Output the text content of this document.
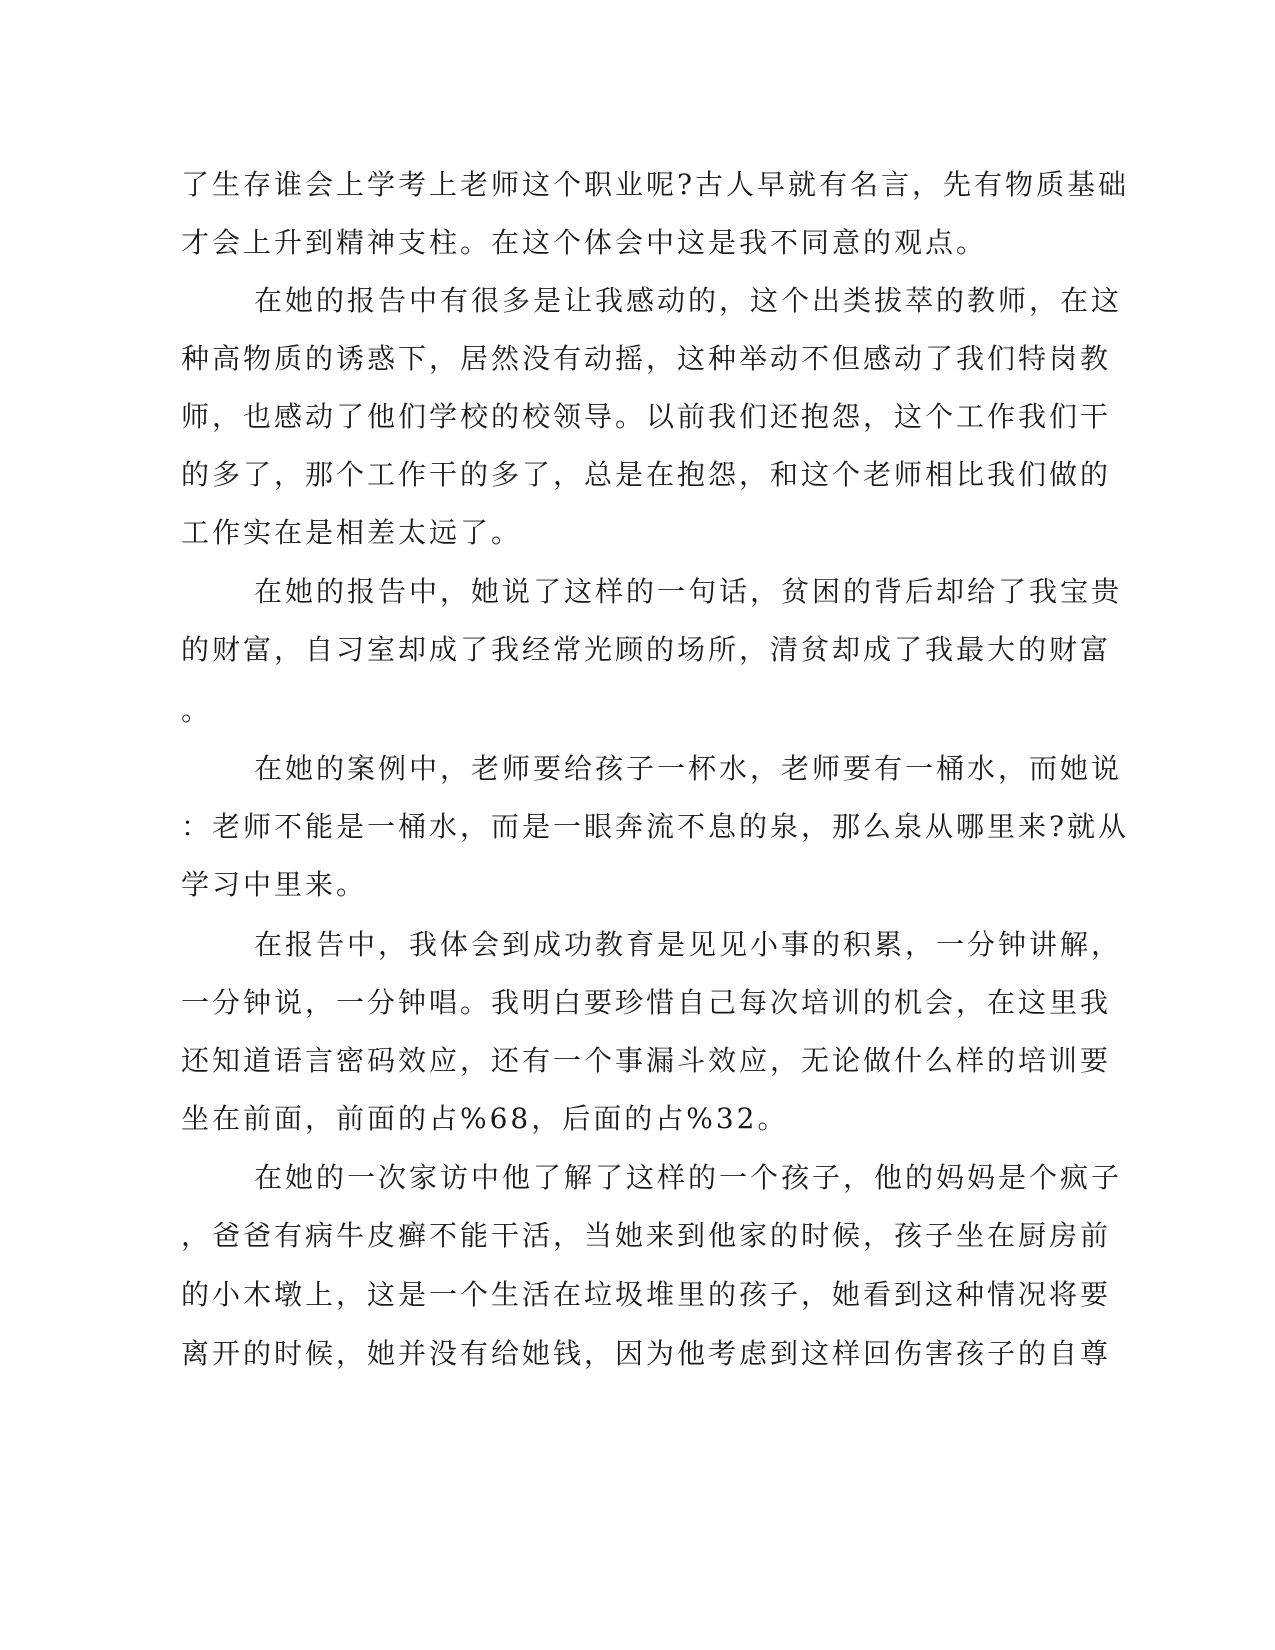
了生存谁会上学考上老师这个职业呢?古人早就有名言，先有物质基础
才会上升到精神支柱。在这个体会中这是我不同意的观点。
在她的报告中有很多是让我感动的，这个出类拔萃的教师，在这
种高物质的诱惑下，居然没有动摇，这种举动不但感动了我们特岗教
师，也感动了他们学校的校领导。以前我们还抱怨，这个工作我们干
的多了，那个工作干的多了，总是在抱怨，和这个老师相比我们做的
工作实在是相差太远了。
在她的报告中，她说了这样的一句话，贫困的背后却给了我宝贵
的财富，自习室却成了我经常光顾的场所，清贫却成了我最大的财富
。
在她的案例中，老师要给孩子一杯水，老师要有一桶水，而她说
：老师不能是一桶水，而是一眼奔流不息的泉，那么泉从哪里来?就从
学习中里来。
在报告中，我体会到成功教育是见见小事的积累，一分钟讲解，
一分钟说，一分钟唱。我明白要珍惜自己每次培训的机会，在这里我
还知道语言密码效应，还有一个事漏斗效应，无论做什么样的培训要
坐在前面，前面的占%68，后面的占%32。
在她的一次家访中他了解了这样的一个孩子，他的妈妈是个疯子
，爸爸有病牛皮癣不能干活，当她来到他家的时候，孩子坐在厨房前
的小木墩上，这是一个生活在垃圾堆里的孩子，她看到这种情况将要
离开的时候，她并没有给她钱，因为他考虑到这样回伤害孩子的自尊
